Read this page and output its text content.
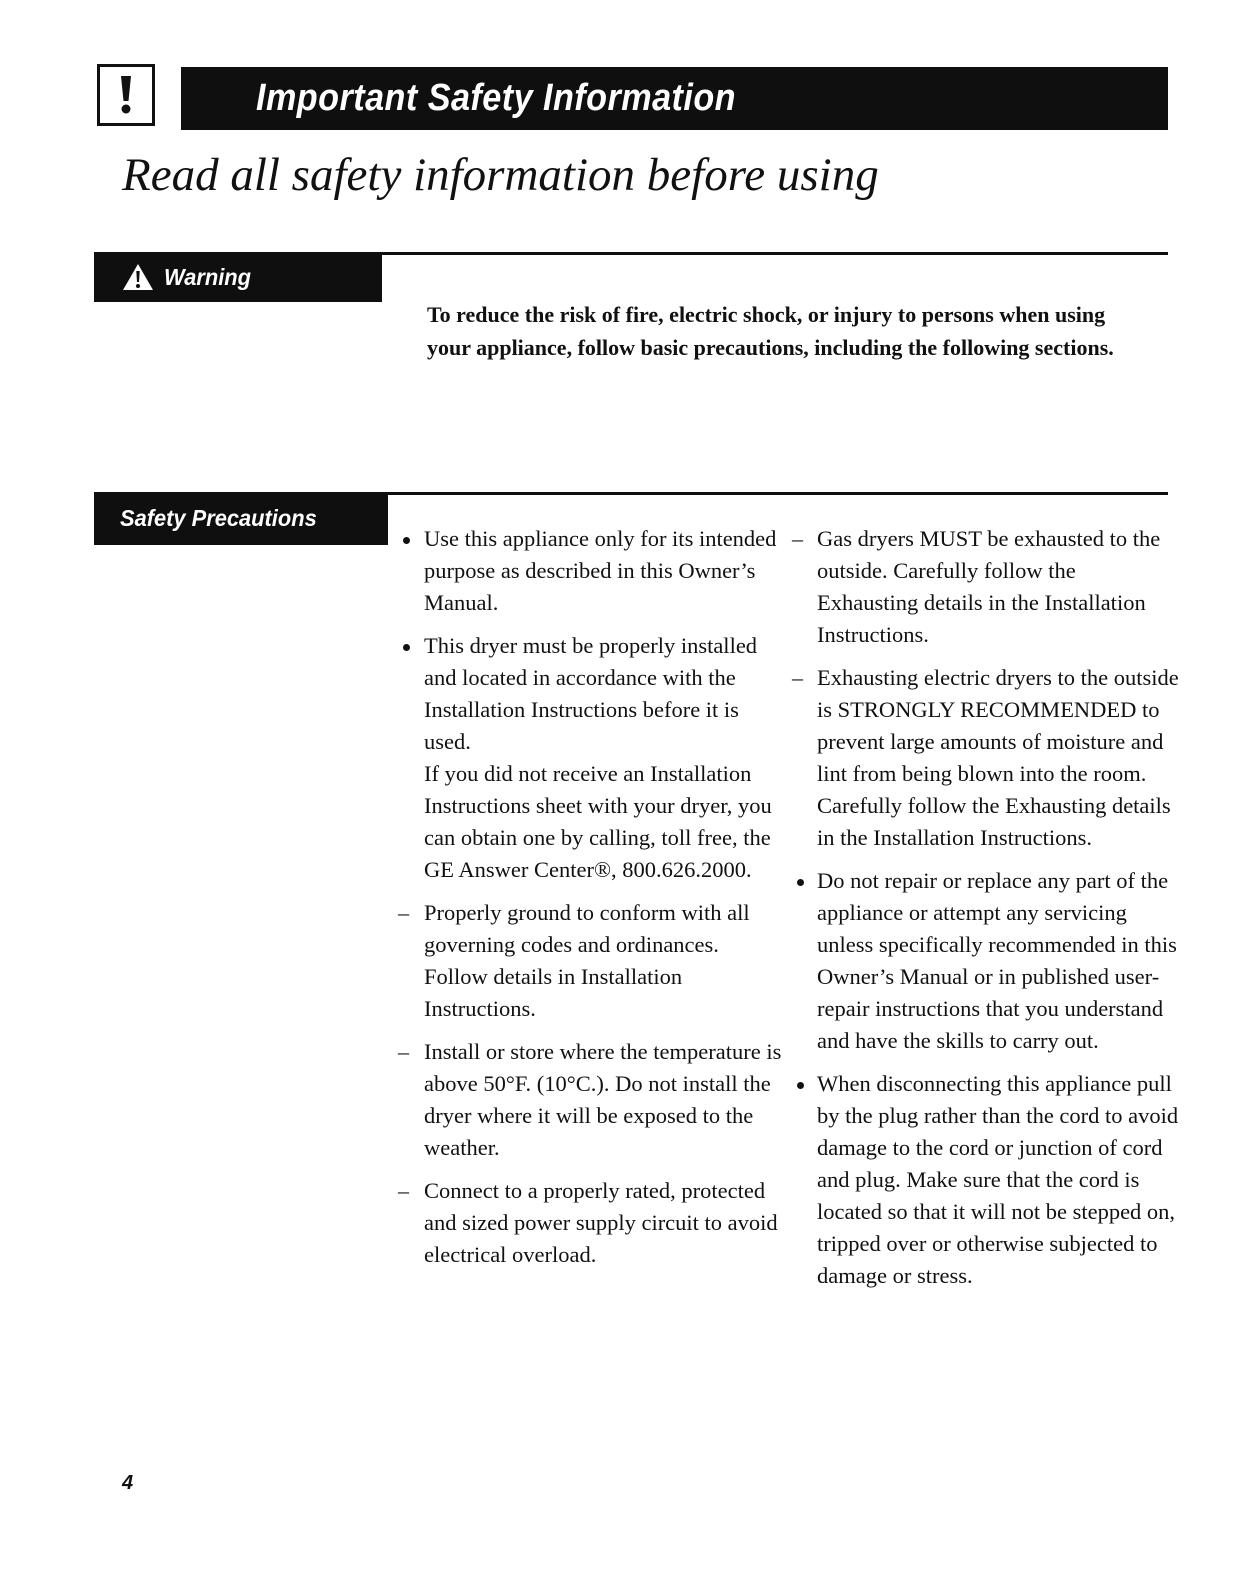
Important Safety Information
Read all safety information before using
Warning

To reduce the risk of fire, electric shock, or injury to persons when using your appliance, follow basic precautions, including the following sections.

Safety Precautions

Use this appliance only for its intended purpose as described in this Owner’s Manual.

This dryer must be properly installed and located in accordance with the Installation Instructions before it is used.

If you did not receive an Installation Instructions sheet with your dryer, you can obtain one by calling, toll free, the GE Answer Center®, 800.626.2000.

– Properly ground to conform with all governing codes and ordinances. Follow details in Installation Instructions.

– Install or store where the temperature is above 50°F. (10°C.). Do not install the dryer where it will be exposed to the weather.

– Connect to a properly rated, protected and sized power supply circuit to avoid electrical overload.

– Gas dryers MUST be exhausted to the outside. Carefully follow the Exhausting details in the Installation Instructions.

– Exhausting electric dryers to the outside is STRONGLY RECOMMENDED to prevent large amounts of moisture and lint from being blown into the room. Carefully follow the Exhausting details in the Installation Instructions.

Do not repair or replace any part of the appliance or attempt any servicing unless specifically recommended in this Owner’s Manual or in published user-repair instructions that you understand and have the skills to carry out.

When disconnecting this appliance pull by the plug rather than the cord to avoid damage to the cord or junction of cord and plug. Make sure that the cord is located so that it will not be stepped on, tripped over or otherwise subjected to damage or stress.

4
